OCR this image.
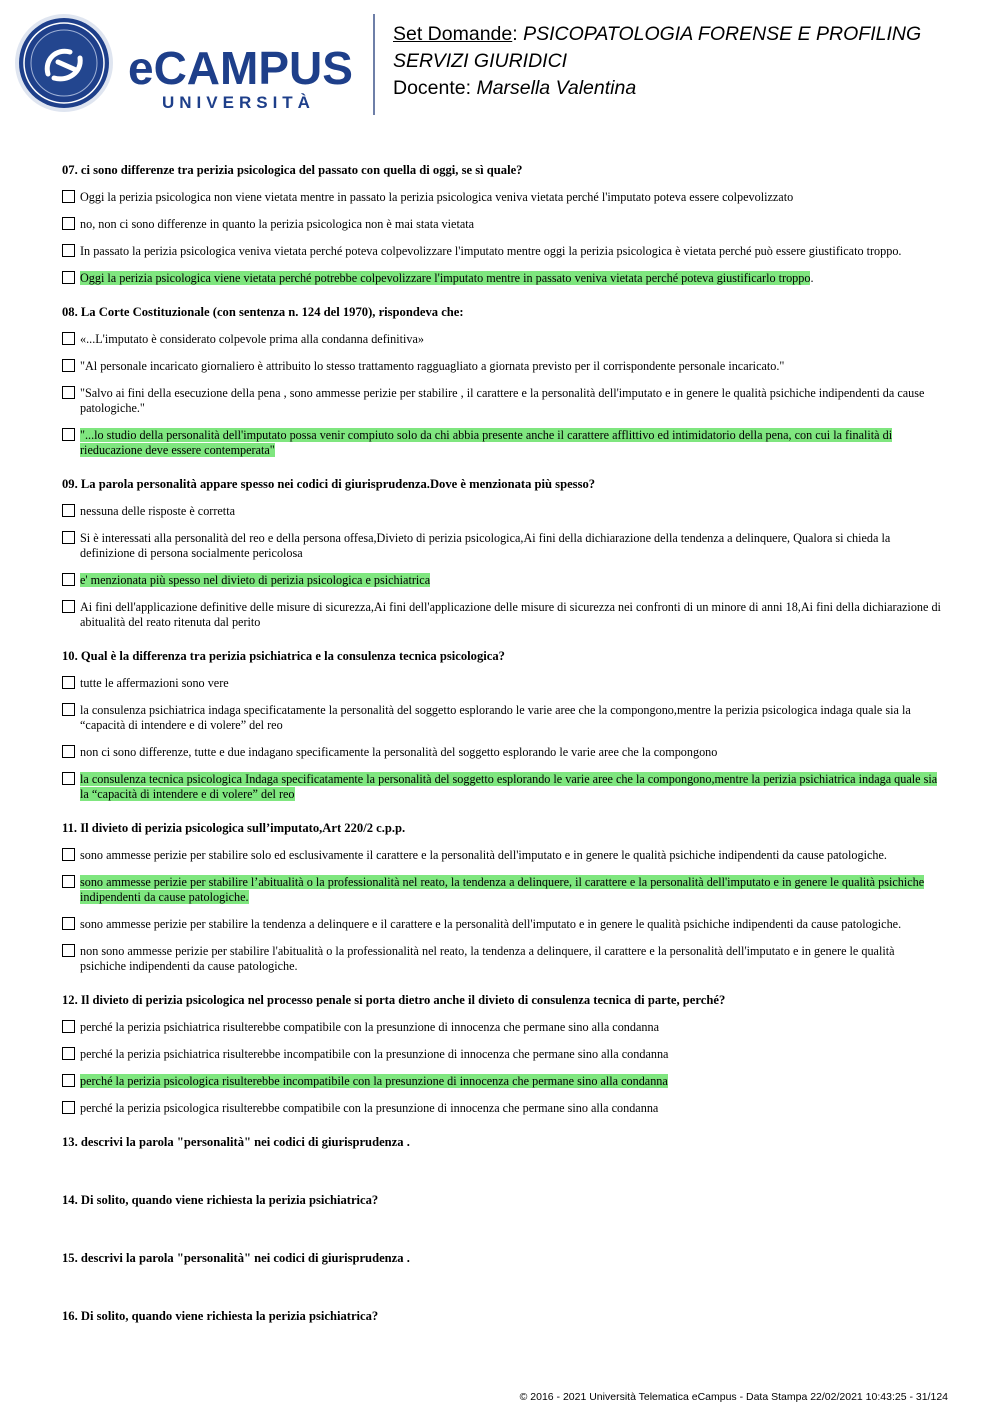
eCAMPUS
UNIVERSITÀ
Set Domande: PSICOPATOLOGIA FORENSE E PROFILING
SERVIZI GIURIDICI
Docente: Marsella Valentina
07. ci sono differenze tra perizia psicologica del passato con quella di oggi, se sì quale?
Oggi la perizia psicologica non viene vietata mentre in passato la perizia psicologica veniva vietata perché l'imputato poteva essere colpevolizzato
no, non ci sono differenze in quanto la perizia psicologica non è mai stata vietata
In passato la perizia psicologica veniva vietata perché poteva colpevolizzare l'imputato mentre oggi la perizia psicologica è vietata perché può essere giustificato troppo.
Oggi la perizia psicologica viene vietata perché potrebbe colpevolizzare l'imputato mentre in passato veniva vietata perché poteva giustificarlo troppo.
08. La Corte Costituzionale (con sentenza n. 124 del 1970), rispondeva che:
«...L'imputato è considerato colpevole prima alla condanna definitiva»
"Al personale incaricato giornaliero è attribuito lo stesso trattamento ragguagliato a giornata previsto per il corrispondente personale incaricato."
"Salvo ai fini della esecuzione della pena , sono ammesse perizie per stabilire , il carattere e la personalità dell'imputato e in genere le qualità psichiche indipendenti da cause patologiche."
"...lo studio della personalità dell'imputato possa venir compiuto solo da chi abbia presente anche il carattere afflittivo ed intimidatorio della pena, con cui la finalità di rieducazione deve essere contemperata"
09. La parola personalità appare spesso nei codici di giurisprudenza.Dove è menzionata più spesso?
nessuna delle risposte è corretta
Si è interessati alla personalità del reo e della persona offesa,Divieto di perizia psicologica,Ai fini della dichiarazione della tendenza a delinquere, Qualora si chieda la definizione di persona socialmente pericolosa
e' menzionata più spesso nel divieto di perizia psicologica e psichiatrica
Ai fini dell'applicazione definitive delle misure di sicurezza,Ai fini dell'applicazione delle misure di sicurezza nei confronti di un minore di anni 18,Ai fini della dichiarazione di abitualità del reato ritenuta dal perito
10. Qual è la differenza tra perizia psichiatrica e la consulenza tecnica psicologica?
tutte le affermazioni sono vere
la consulenza psichiatrica indaga specificatamente la personalità del soggetto esplorando le varie aree che la compongono,mentre la perizia psicologica indaga quale sia la “capacità di intendere e di volere” del reo
non ci sono differenze, tutte e due indagano specificamente la personalità del soggetto esplorando le varie aree che la compongono
la consulenza tecnica psicologica Indaga specificatamente la personalità del soggetto esplorando le varie aree che la compongono,mentre la perizia psichiatrica indaga quale sia la “capacità di intendere e di volere” del reo
11. Il divieto di perizia psicologica sull’imputato,Art 220/2 c.p.p.
sono ammesse perizie per stabilire solo ed esclusivamente il carattere e la personalità dell'imputato e in genere le qualità psichiche indipendenti da cause patologiche.
sono ammesse perizie per stabilire l’abitualità o la professionalità nel reato, la tendenza a delinquere, il carattere e la personalità dell'imputato e in genere le qualità psichiche indipendenti da cause patologiche.
sono ammesse perizie per stabilire la tendenza a delinquere e il carattere e la personalità dell'imputato e in genere le qualità psichiche indipendenti da cause patologiche.
non sono ammesse perizie per stabilire l'abitualità o la professionalità nel reato, la tendenza a delinquere, il carattere e la personalità dell'imputato e in genere le qualità psichiche indipendenti da cause patologiche.
12. Il divieto di perizia psicologica nel processo penale si porta dietro anche il divieto di consulenza tecnica di parte, perché?
perché la perizia psichiatrica risulterebbe compatibile con la presunzione di innocenza che permane sino alla condanna
perché la perizia psichiatrica risulterebbe incompatibile con la presunzione di innocenza che permane sino alla condanna
perché la perizia psicologica risulterebbe incompatibile con la presunzione di innocenza che permane sino alla condanna
perché la perizia psicologica risulterebbe compatibile con la presunzione di innocenza che permane sino alla condanna
13. descrivi la parola "personalità" nei codici di giurisprudenza .
14. Di solito, quando viene richiesta la perizia psichiatrica?
15. descrivi la parola "personalità" nei codici di giurisprudenza .
16. Di solito, quando viene richiesta la perizia psichiatrica?
© 2016 - 2021 Università Telematica eCampus - Data Stampa 22/02/2021 10:43:25 - 31/124
